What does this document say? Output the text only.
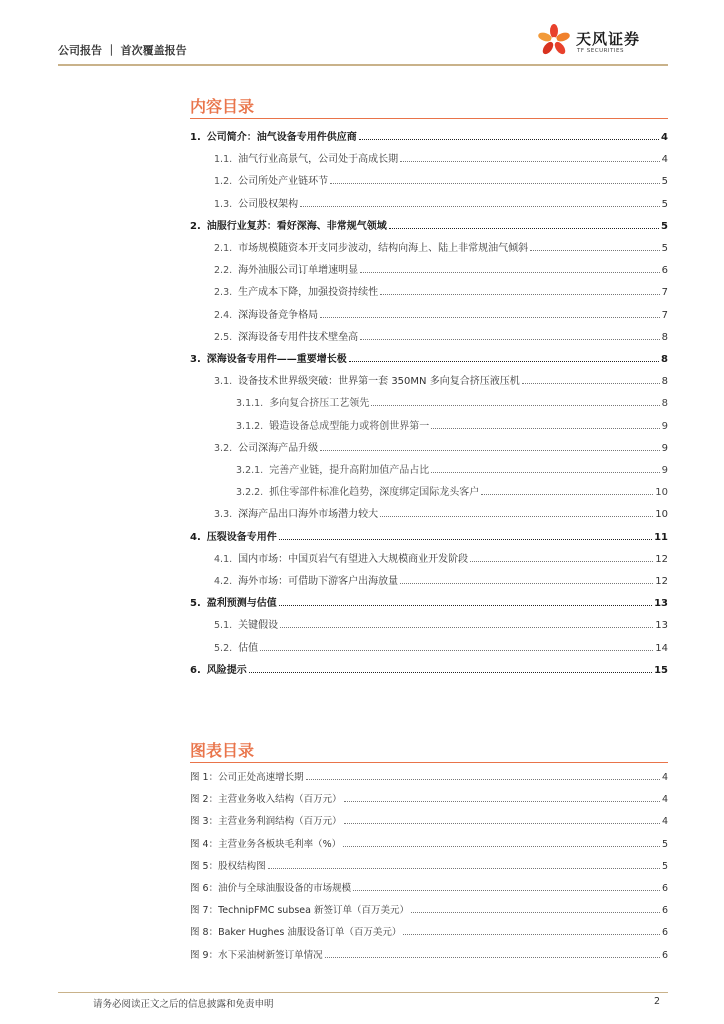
公司报告 ｜ 首次覆盖报告
天风证券
TF SECURITIES
内容目录
1. 公司简介：油气设备专用件供应商	4
1.1. 油气行业高景气，公司处于高成长期	4
1.2. 公司所处产业链环节	5
1.3. 公司股权架构	5
2. 油服行业复苏：看好深海、非常规气领域	5
2.1. 市场规模随资本开支同步波动，结构向海上、陆上非常规油气倾斜	5
2.2. 海外油服公司订单增速明显	6
2.3. 生产成本下降，加强投资持续性	7
2.4. 深海设备竞争格局	7
2.5. 深海设备专用件技术壁垒高	8
3. 深海设备专用件——重要增长极	8
3.1. 设备技术世界级突破：世界第一套 350MN 多向复合挤压液压机	8
3.1.1. 多向复合挤压工艺领先	8
3.1.2. 锻造设备总成型能力或将创世界第一	9
3.2. 公司深海产品升级	9
3.2.1. 完善产业链，提升高附加值产品占比	9
3.2.2. 抓住零部件标准化趋势，深度绑定国际龙头客户	10
3.3. 深海产品出口海外市场潜力较大	10
4. 压裂设备专用件	11
4.1. 国内市场：中国页岩气有望进入大规模商业开发阶段	12
4.2. 海外市场：可借助下游客户出海放量	12
5. 盈利预测与估值	13
5.1. 关键假设	13
5.2. 估值	14
6. 风险提示	15
图表目录
图 1：公司正处高速增长期	4
图 2：主营业务收入结构（百万元）	4
图 3：主营业务利润结构（百万元）	4
图 4：主营业务各板块毛利率（%）	5
图 5：股权结构图	5
图 6：油价与全球油服设备的市场规模	6
图 7：TechnipFMC subsea 新签订单（百万美元）	6
图 8：Baker Hughes 油服设备订单（百万美元）	6
图 9：水下采油树新签订单情况	6
请务必阅读正文之后的信息披露和免责申明	2
